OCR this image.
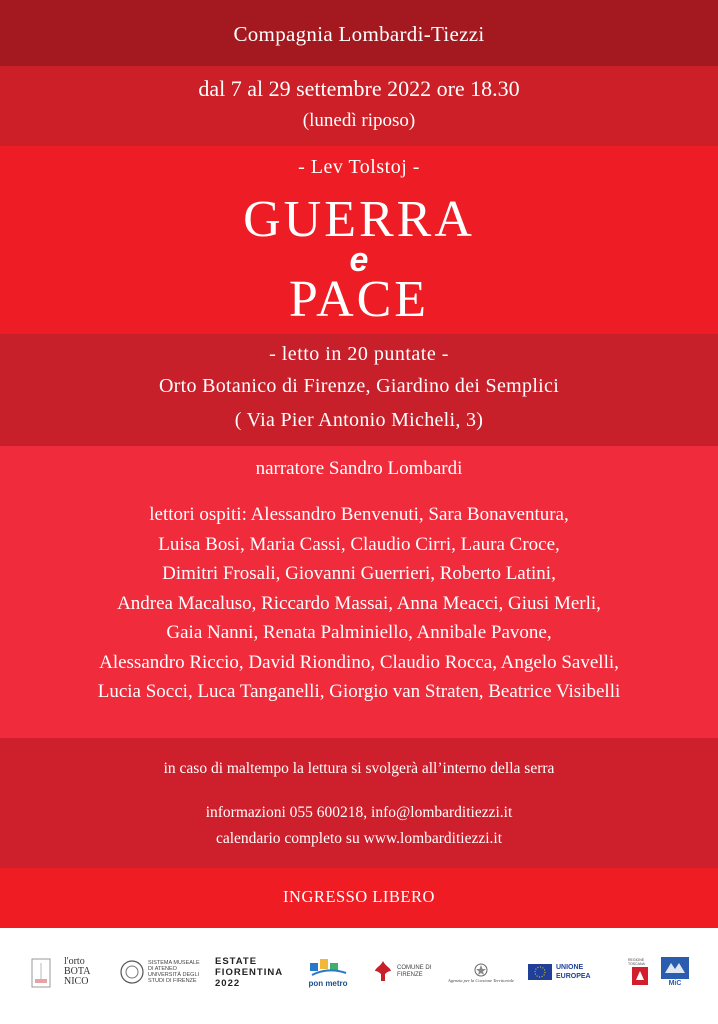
Compagnia Lombardi-Tiezzi
dal 7 al 29 settembre 2022 ore 18.30
(lunedì riposo)
- Lev Tolstoj -
GUERRA
e
PACE
- letto in 20 puntate -
Orto Botanico di Firenze, Giardino dei Semplici
( Via Pier Antonio Micheli, 3)
narratore Sandro Lombardi
lettori ospiti: Alessandro Benvenuti, Sara Bonaventura,
Luisa Bosi, Maria Cassi, Claudio Cirri, Laura Croce,
Dimitri Frosali, Giovanni Guerrieri, Roberto Latini,
Andrea Macaluso, Riccardo Massai, Anna Meacci, Giusi Merli,
Gaia Nanni, Renata Palminiello, Annibale Pavone,
Alessandro Riccio, David Riondino, Claudio Rocca, Angelo Savelli,
Lucia Socci, Luca Tanganelli, Giorgio van Straten, Beatrice Visibelli
in caso di maltempo la lettura si svolgerà all’interno della serra
informazioni 055 600218, info@lombarditiezzi.it
calendario completo su www.lombarditiezzi.it
INGRESSO LIBERO
l'orto BOTA NICO
SISTEMA MUSEALE DI ATENEO UNIVERSITÀ DEGLI STUDI DI FIRENZE
ESTATE FIORENTINA 2022	pon metro
COMUNE DI FIRENZE
Agenzia per la Coesione Territoriale
UNIONE EUROPEA
REGIONE TOSCANA
MiC
